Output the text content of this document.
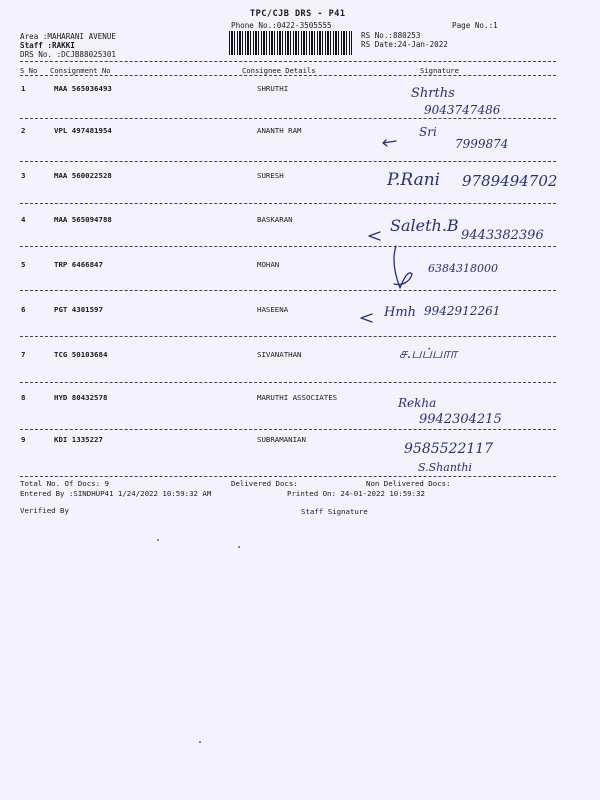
TPC/CJB DRS - P41
Phone No.:0422-3505555	Page No.:1
Area :MAHARANI AVENUE
Staff :RAKKI
DRS No. :DCJB88025301
RS No.:880253
RS Date:24-Jan-2022
S No Consignment No	Consignee Details	Signature
1	MAA 565036493	SHRUTHI	Shrths
9043747486
2	VPL 497481954	ANANTH RAM	Sri
7999874
3	MAA 560022528	SURESH	P.Rani 9789494702
4	MAA 565094788	BASKARAN	Saleth.B
9443382396
5	TRP 6466847	MOHAN	6384318000
6	PGT 4301597	HASEENA	Hmh 9942912261
7	TCG 50103684	SIVANATHAN	ச.பப்பாா
8	HYD 80432578	MARUTHI ASSOCIATES	Rekha
9942304215
9	KDI 1335227	SUBRAMANIAN
9585522117
S.Shanthi
Total No. Of Docs: 9	Delivered Docs:	Non Delivered Docs:
Entered By :SINDHUP41 1/24/2022 10:59:32 AM	Printed On: 24-01-2022 10:59:32
Verified By	Staff Signature
